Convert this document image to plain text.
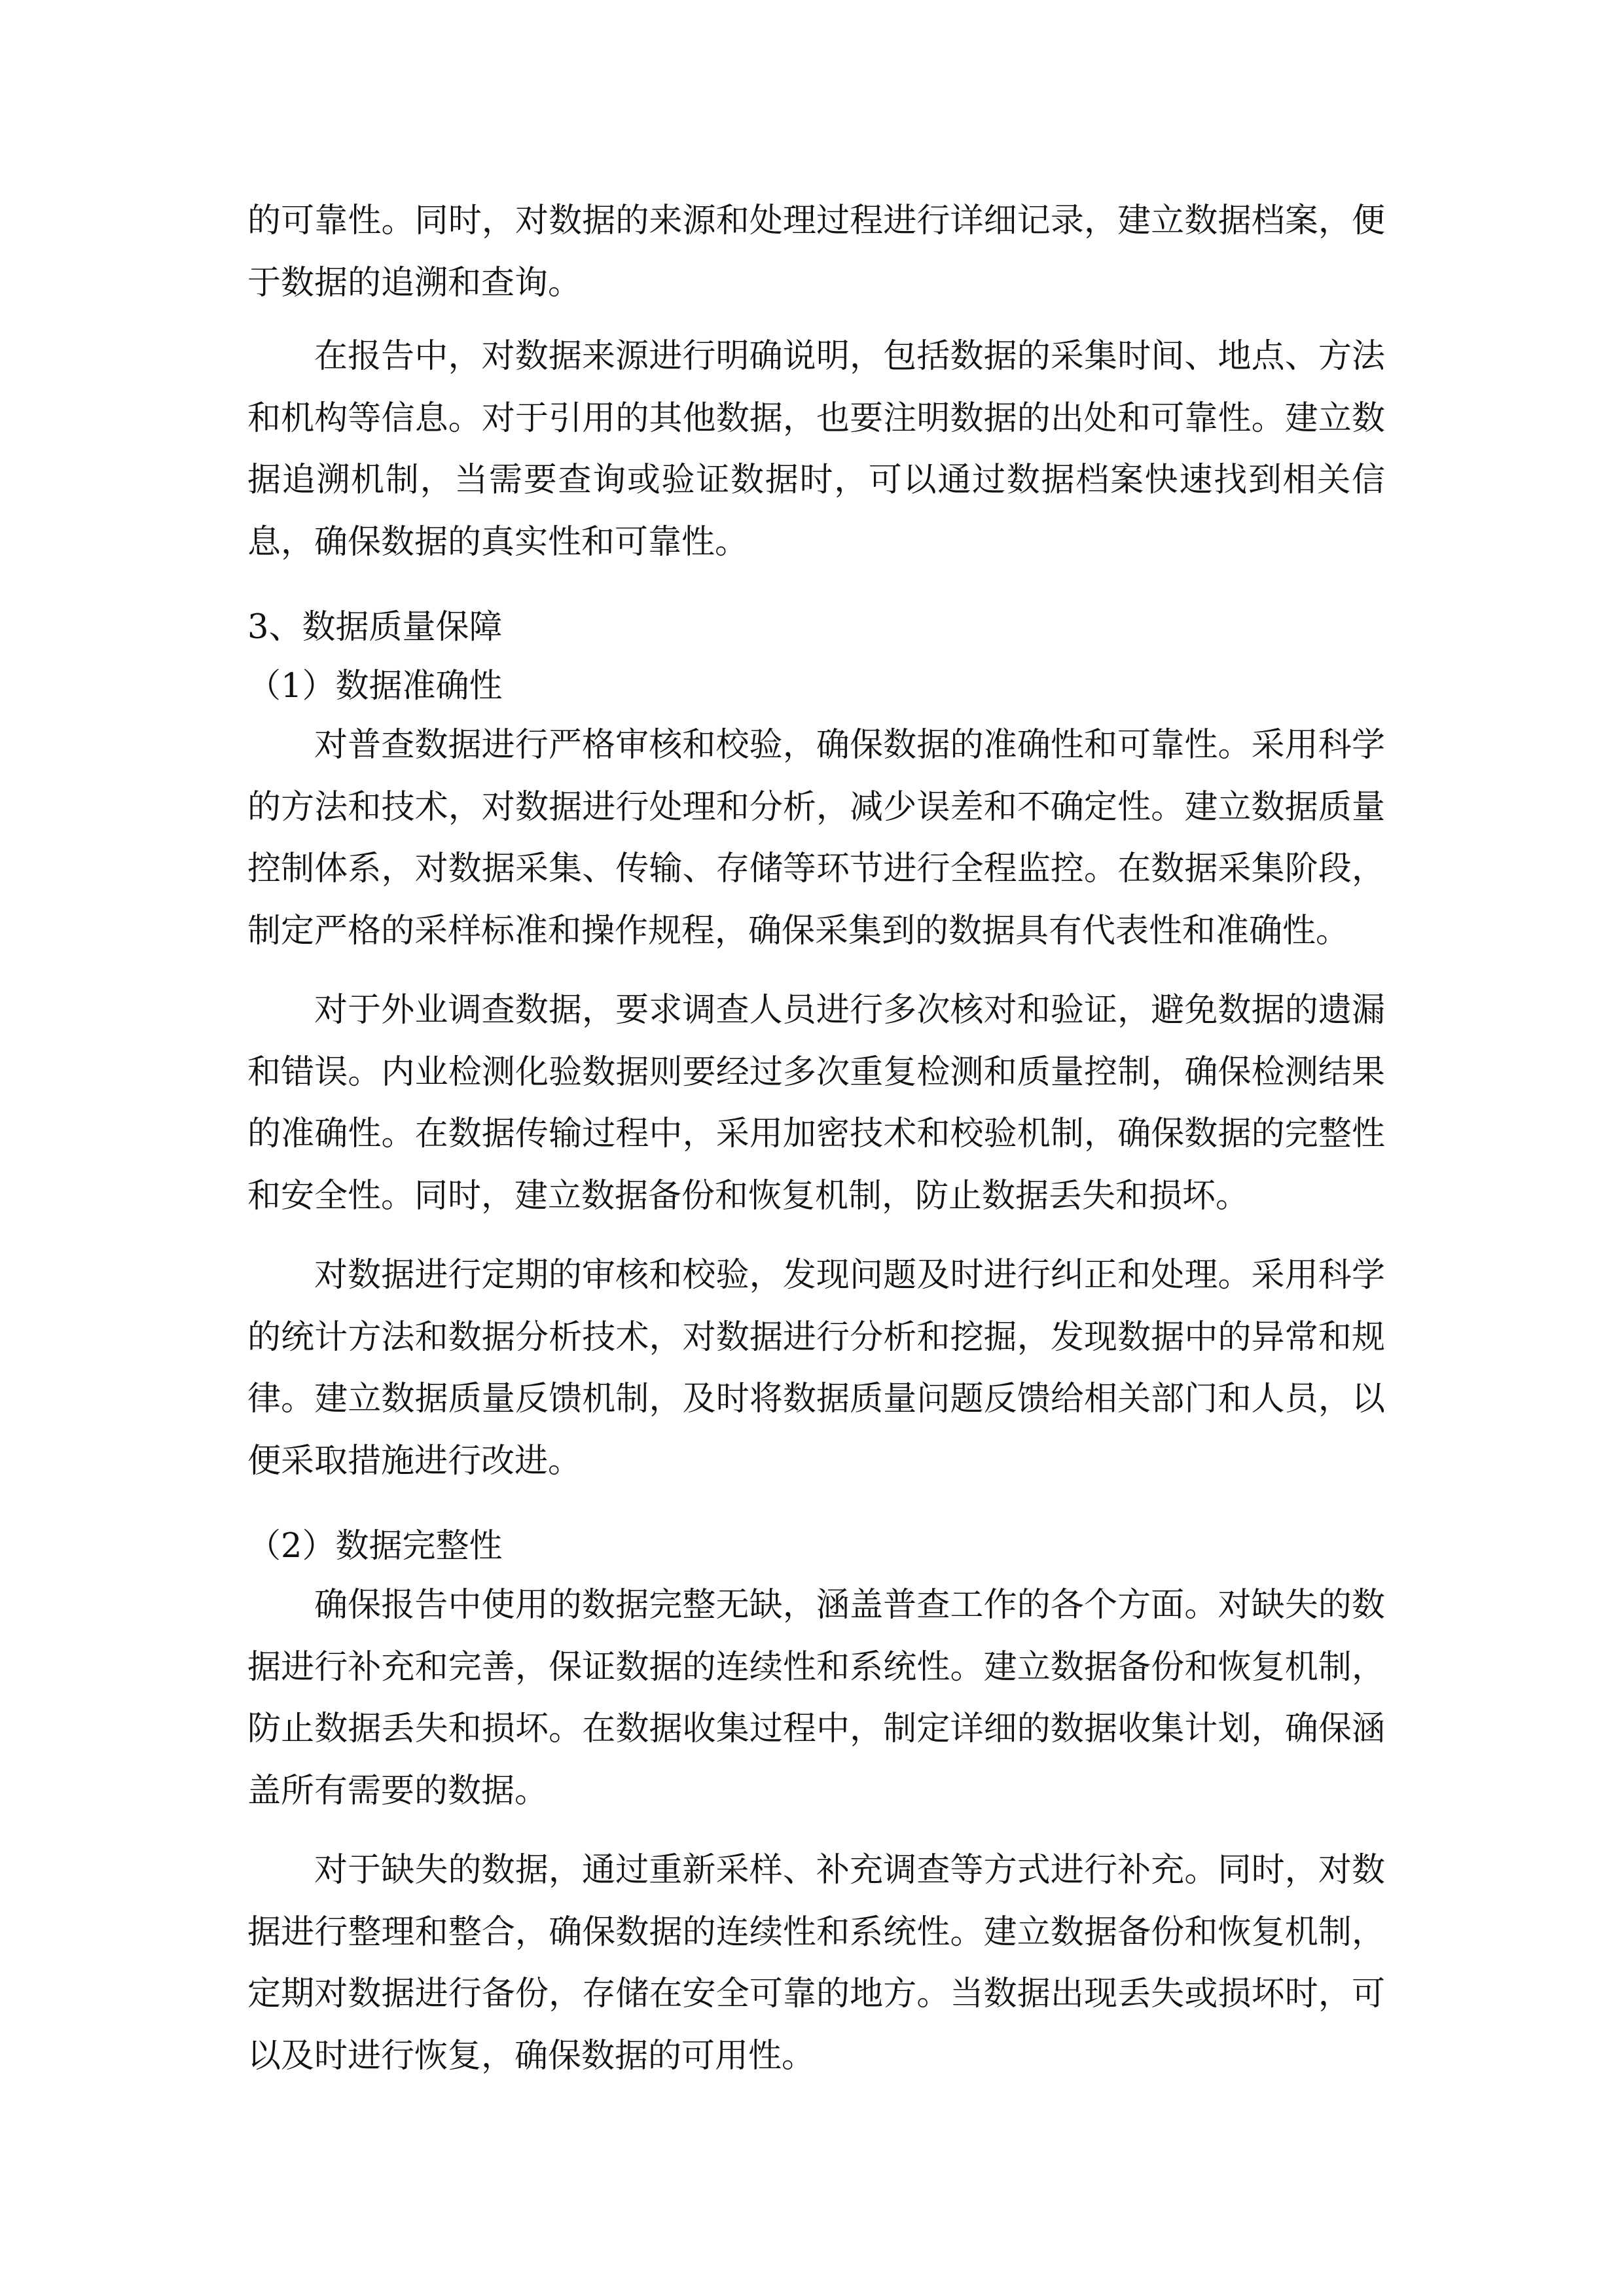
的可靠性。同时，对数据的来源和处理过程进行详细记录，建立数据档案，便
于数据的追溯和查询。
在报告中，对数据来源进行明确说明，包括数据的采集时间、地点、方法
和机构等信息。对于引用的其他数据，也要注明数据的出处和可靠性。建立数
据追溯机制，当需要查询或验证数据时，可以通过数据档案快速找到相关信
息，确保数据的真实性和可靠性。
3、数据质量保障
（1）数据准确性
对普查数据进行严格审核和校验，确保数据的准确性和可靠性。采用科学
的方法和技术，对数据进行处理和分析，减少误差和不确定性。建立数据质量
控制体系，对数据采集、传输、存储等环节进行全程监控。在数据采集阶段，
制定严格的采样标准和操作规程，确保采集到的数据具有代表性和准确性。
对于外业调查数据，要求调查人员进行多次核对和验证，避免数据的遗漏
和错误。内业检测化验数据则要经过多次重复检测和质量控制，确保检测结果
的准确性。在数据传输过程中，采用加密技术和校验机制，确保数据的完整性
和安全性。同时，建立数据备份和恢复机制，防止数据丢失和损坏。
对数据进行定期的审核和校验，发现问题及时进行纠正和处理。采用科学
的统计方法和数据分析技术，对数据进行分析和挖掘，发现数据中的异常和规
律。建立数据质量反馈机制，及时将数据质量问题反馈给相关部门和人员，以
便采取措施进行改进。
（2）数据完整性
确保报告中使用的数据完整无缺，涵盖普查工作的各个方面。对缺失的数
据进行补充和完善，保证数据的连续性和系统性。建立数据备份和恢复机制，
防止数据丢失和损坏。在数据收集过程中，制定详细的数据收集计划，确保涵
盖所有需要的数据。
对于缺失的数据，通过重新采样、补充调查等方式进行补充。同时，对数
据进行整理和整合，确保数据的连续性和系统性。建立数据备份和恢复机制，
定期对数据进行备份，存储在安全可靠的地方。当数据出现丢失或损坏时，可
以及时进行恢复，确保数据的可用性。
